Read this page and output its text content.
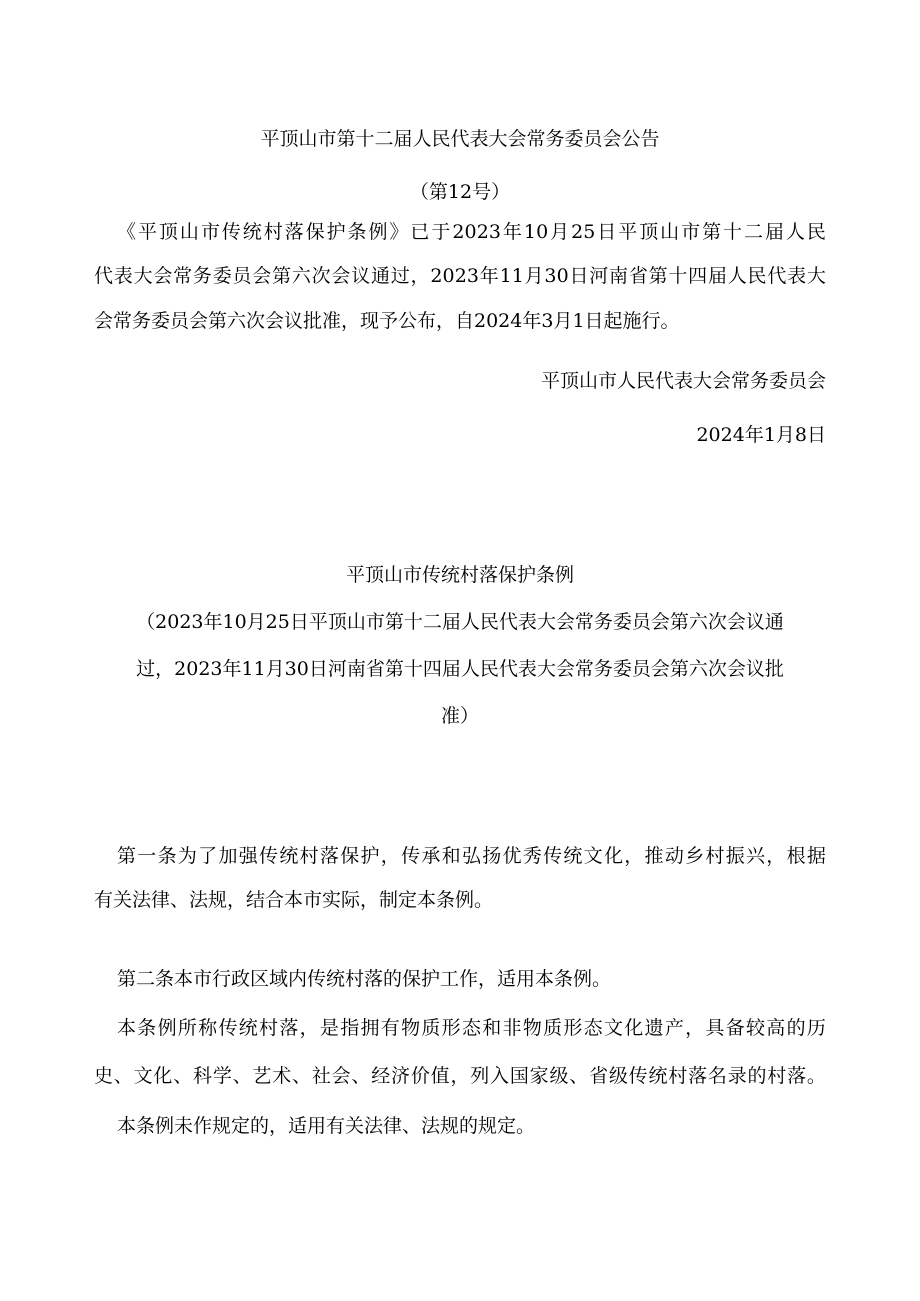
平顶山市第十二届人民代表大会常务委员会公告
（第12号）
《平顶山市传统村落保护条例》已于2023年10月25日平顶山市第十二届人民
代表大会常务委员会第六次会议通过，2023年11月30日河南省第十四届人民代表大
会常务委员会第六次会议批准，现予公布，自2024年3月1日起施行。
平顶山市人民代表大会常务委员会
2024年1月8日
平顶山市传统村落保护条例
（2023年10月25日平顶山市第十二届人民代表大会常务委员会第六次会议通
过，2023年11月30日河南省第十四届人民代表大会常务委员会第六次会议批
准）
第一条为了加强传统村落保护，传承和弘扬优秀传统文化，推动乡村振兴，根据
有关法律、法规，结合本市实际，制定本条例。
第二条本市行政区域内传统村落的保护工作，适用本条例。
本条例所称传统村落，是指拥有物质形态和非物质形态文化遗产，具备较高的历
史、文化、科学、艺术、社会、经济价值，列入国家级、省级传统村落名录的村落。
本条例未作规定的，适用有关法律、法规的规定。
